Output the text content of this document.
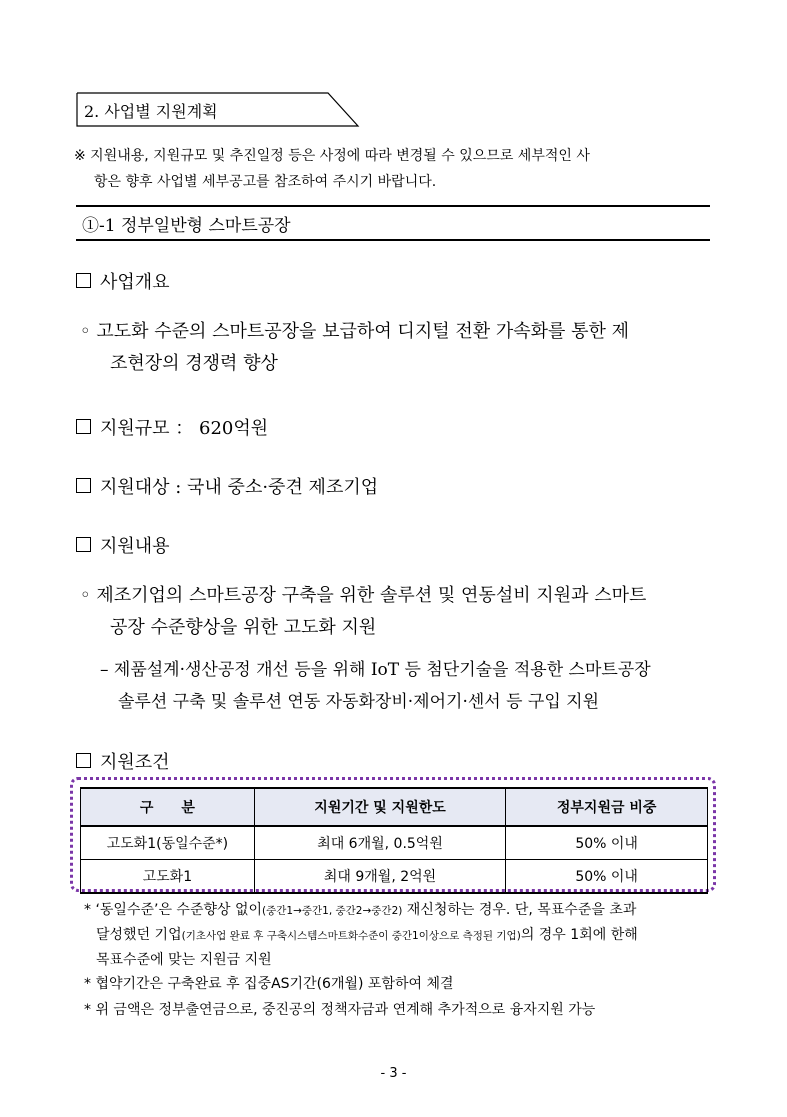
2. 사업별 지원계획
※ 지원내용, 지원규모 및 추진일정 등은 사정에 따라 변경될 수 있으므로 세부적인 사
항은 향후 사업별 세부공고를 참조하여 주시기 바랍니다.
①-1 정부일반형 스마트공장
사업개요
◦ 고도화 수준의 스마트공장을 보급하여 디지털 전환 가속화를 통한 제
조현장의 경쟁력 향상
지원규모 ： 620억원
지원대상 : 국내 중소·중견 제조기업
지원내용
◦ 제조기업의 스마트공장 구축을 위한 솔루션 및 연동설비 지원과 스마트
공장 수준향상을 위한 고도화 지원
– 제품설계·생산공정 개선 등을 위해 IoT 등 첨단기술을 적용한 스마트공장
솔루션 구축 및 솔루션 연동 자동화장비·제어기·센서 등 구입 지원
지원조건
구　　분	지원기간 및 지원한도	정부지원금 비중
고도화1(동일수준*)	최대 6개월, 0.5억원	50% 이내
고도화1	최대 9개월, 2억원	50% 이내
* ‘동일수준’은 수준향상 없이(중간1→중간1, 중간2→중간2) 재신청하는 경우. 단, 목표수준을 초과
달성했던 기업(기초사업 완료 후 구축시스템스마트화수준이 중간1이상으로 측정된 기업)의 경우 1회에 한해
목표수준에 맞는 지원금 지원
* 협약기간은 구축완료 후 집중AS기간(6개월) 포함하여 체결
* 위 금액은 정부출연금으로, 중진공의 정책자금과 연계해 추가적으로 융자지원 가능
- 3 -
